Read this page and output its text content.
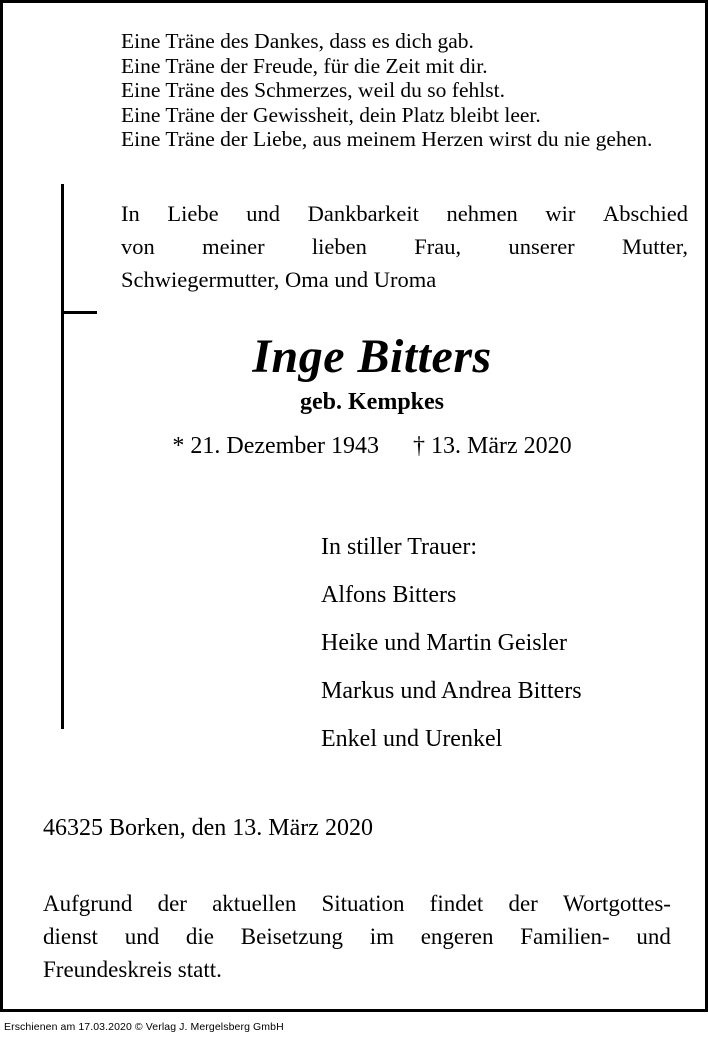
Eine Träne des Dankes, dass es dich gab.
Eine Träne der Freude, für die Zeit mit dir.
Eine Träne des Schmerzes, weil du so fehlst.
Eine Träne der Gewissheit, dein Platz bleibt leer.
Eine Träne der Liebe, aus meinem Herzen wirst du nie gehen.
In Liebe und Dankbarkeit nehmen wir Abschied
von meiner lieben Frau, unserer Mutter,
Schwiegermutter, Oma und Uroma
Inge Bitters
geb. Kempkes
* 21. Dezember 1943 † 13. März 2020
In stiller Trauer:
Alfons Bitters
Heike und Martin Geisler
Markus und Andrea Bitters
Enkel und Urenkel
46325 Borken, den 13. März 2020
Aufgrund der aktuellen Situation findet der Wortgottes-
dienst und die Beisetzung im engeren Familien- und
Freundeskreis statt.
Erschienen am 17.03.2020 © Verlag J. Mergelsberg GmbH
